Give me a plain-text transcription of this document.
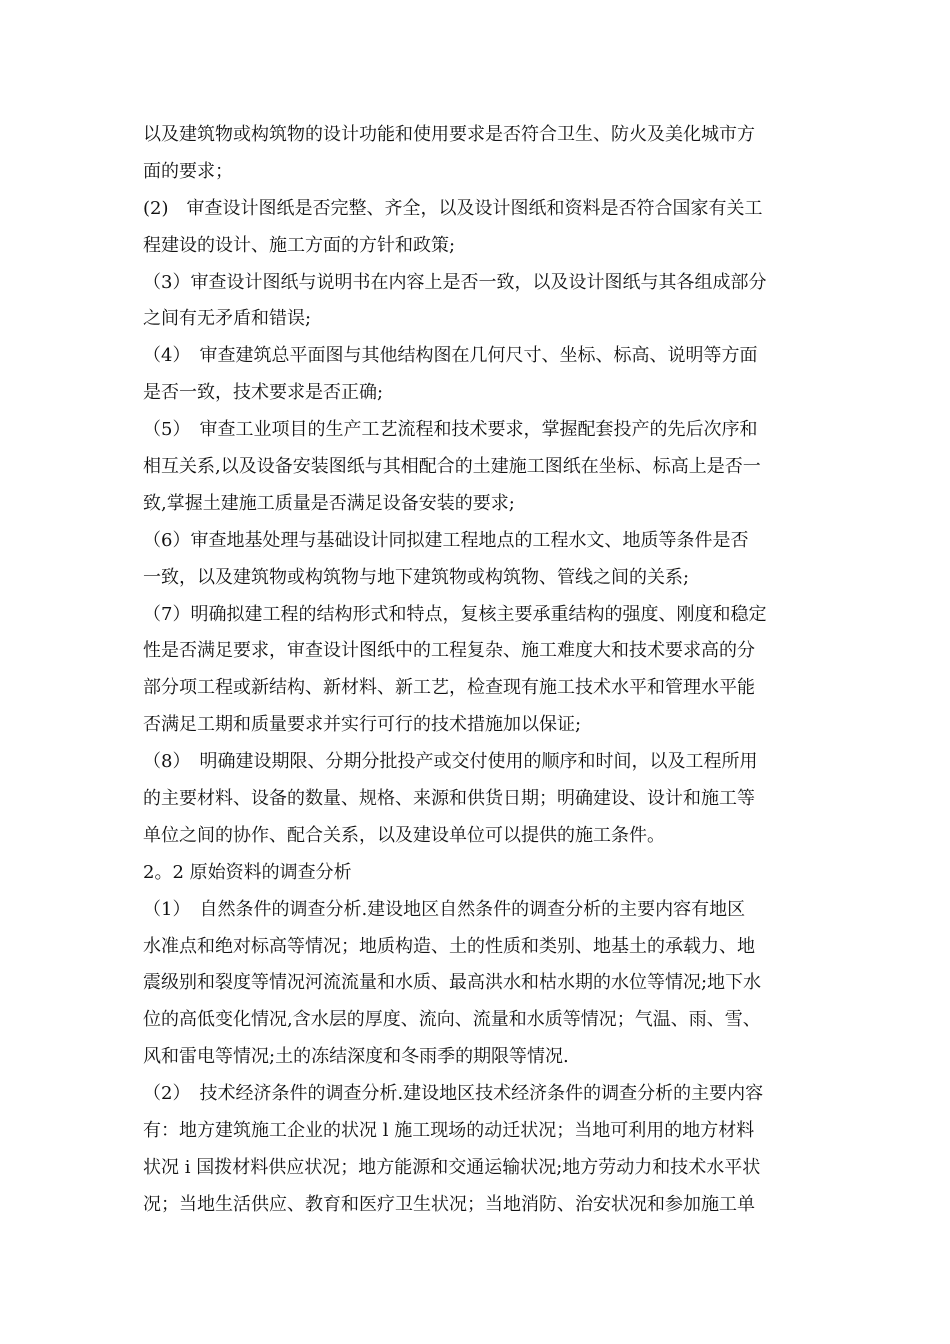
以及建筑物或构筑物的设计功能和使用要求是否符合卫生、防火及美化城市方
面的要求；
(2)　审查设计图纸是否完整、齐全，以及设计图纸和资料是否符合国家有关工
程建设的设计、施工方面的方针和政策;
（3）审查设计图纸与说明书在内容上是否一致，以及设计图纸与其各组成部分
之间有无矛盾和错误;
（4）　审查建筑总平面图与其他结构图在几何尺寸、坐标、标高、说明等方面
是否一致，技术要求是否正确;
（5）　审查工业项目的生产工艺流程和技术要求，掌握配套投产的先后次序和
相互关系,以及设备安装图纸与其相配合的土建施工图纸在坐标、标高上是否一
致,掌握土建施工质量是否满足设备安装的要求;
（6）审查地基处理与基础设计同拟建工程地点的工程水文、地质等条件是否
一致，以及建筑物或构筑物与地下建筑物或构筑物、管线之间的关系;
（7）明确拟建工程的结构形式和特点，复核主要承重结构的强度、刚度和稳定
性是否满足要求，审查设计图纸中的工程复杂、施工难度大和技术要求高的分
部分项工程或新结构、新材料、新工艺，检查现有施工技术水平和管理水平能
否满足工期和质量要求并实行可行的技术措施加以保证;
（8）　明确建设期限、分期分批投产或交付使用的顺序和时间，以及工程所用
的主要材料、设备的数量、规格、来源和供货日期；明确建设、设计和施工等
单位之间的协作、配合关系，以及建设单位可以提供的施工条件。
2。2 原始资料的调查分析
（1）　自然条件的调查分析.建设地区自然条件的调查分析的主要内容有地区
水准点和绝对标高等情况；地质构造、土的性质和类别、地基土的承载力、地
震级别和裂度等情况河流流量和水质、最高洪水和枯水期的水位等情况;地下水
位的高低变化情况,含水层的厚度、流向、流量和水质等情况；气温、雨、雪、
风和雷电等情况;土的冻结深度和冬雨季的期限等情况.
（2）　技术经济条件的调查分析.建设地区技术经济条件的调查分析的主要内容
有：地方建筑施工企业的状况 l 施工现场的动迁状况；当地可利用的地方材料
状况 i 国拨材料供应状况；地方能源和交通运输状况;地方劳动力和技术水平状
况；当地生活供应、教育和医疗卫生状况；当地消防、治安状况和参加施工单
